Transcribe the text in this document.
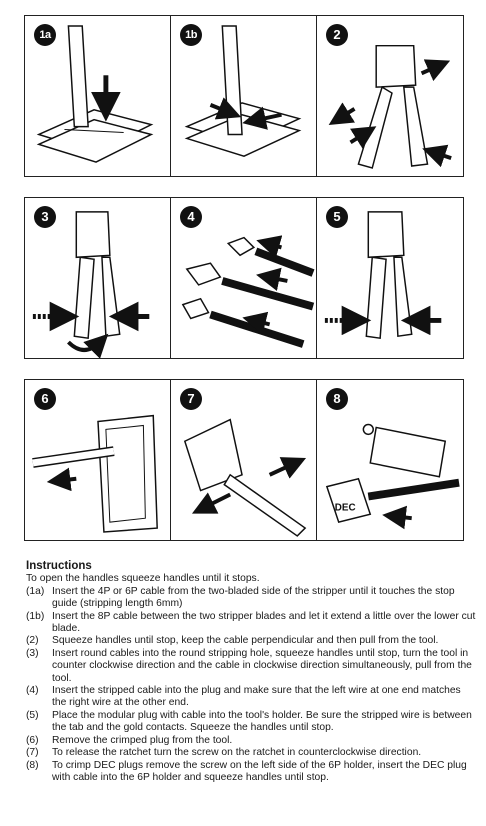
1a	1b	2
3	4	5
6	7	8
DEC
Instructions

To open the handles squeeze handles until it stops.

(1a) Insert the 4P or 6P cable from the two-bladed side of the stripper until it touches the stop guide (stripping length 6mm)
(1b) Insert the 8P cable between the two stripper blades and let it extend a little over the lower cut blade.
(2)	Squeeze handles until stop, keep the cable perpendicular and then pull from the tool.
(3)	Insert round cables into the round stripping hole, squeeze handles until stop, turn the tool in counter clockwise direction and the cable in clockwise direction simultaneously, pull from the tool.
(4)	Insert the stripped cable into the plug and make sure that the left wire at one end matches the right wire at the other end.
(5)	Place the modular plug with cable into the tool's holder. Be sure the stripped wire is between the tab and the gold contacts. Squeeze the handles until stop.
(6)	Remove the crimped plug from the tool.
(7)	To release the ratchet turn the screw on the ratchet in counterclockwise direction.
(8)	To crimp DEC plugs remove the screw on the left side of the 6P holder, insert the DEC plug with cable into the 6P holder and squeeze handles until stop.
